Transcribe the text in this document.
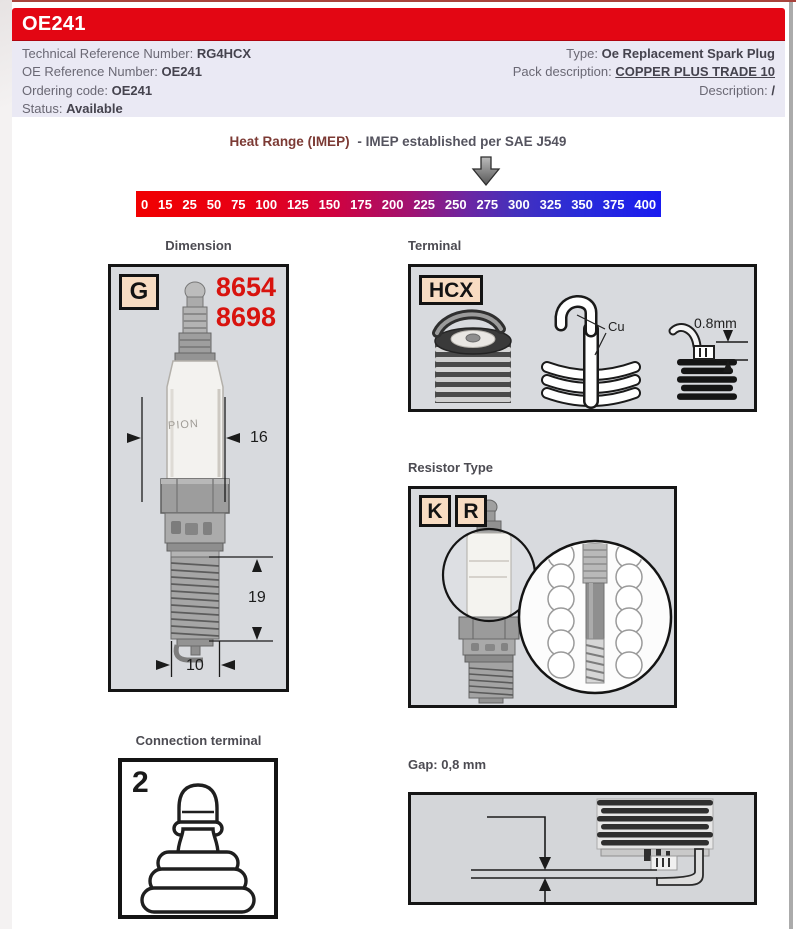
OE241
Technical Reference Number: RG4HCX
OE Reference Number: OE241
Ordering code: OE241
Status: Available
Type: Oe Replacement Spark Plug
Pack description: COPPER PLUS TRADE 10
Description: /
Heat Range (IMEP) - IMEP established per SAE J549
0 15 25 50 75 100 125 150 175 200 225 250 275 300 325 350 375 400
Dimension	Terminal
Resistor Type
Connection terminal
Gap: 0,8 mm
G	8654
8698
PION
16
19
10
HCX
Cu	0.8mm
K R
2
